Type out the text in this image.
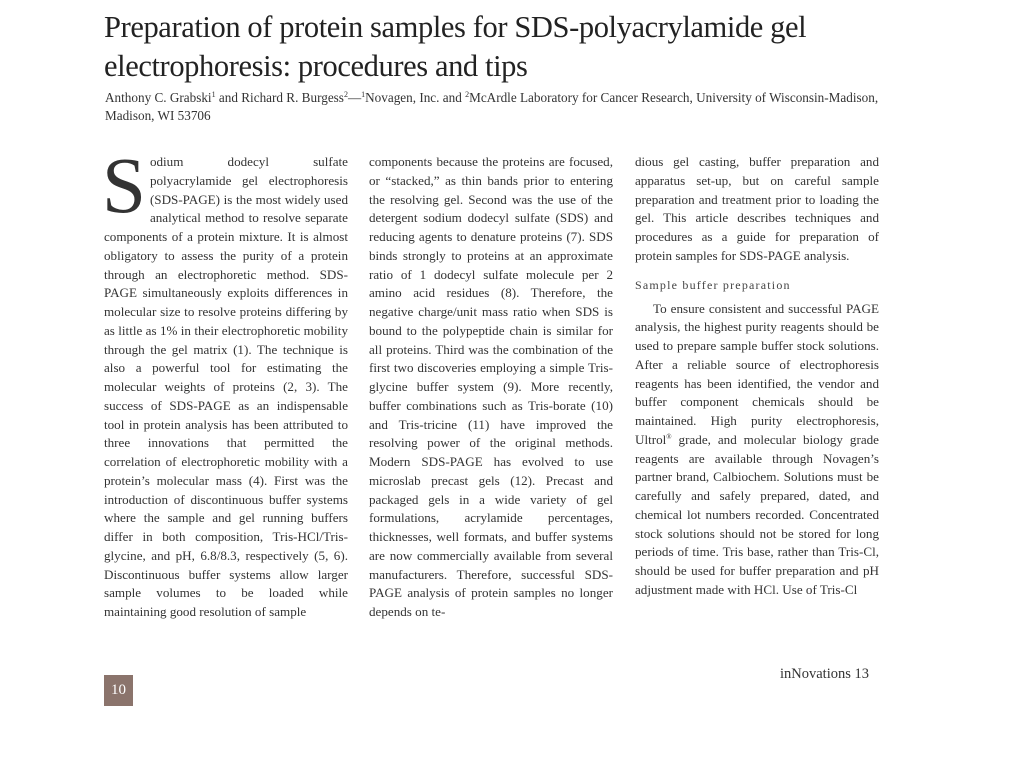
Preparation of protein samples for SDS-polyacrylamide gel electrophoresis: procedures and tips
Anthony C. Grabski$^1$ and Richard R. Burgess$^2$—$^1$Novagen, Inc. and $^2$McArdle Laboratory for Cancer Research, University of Wisconsin-Madison, Madison, WI 53706

Sodium dodecyl sulfate polyacrylamide gel electrophoresis (SDS-PAGE) is the most widely used analytical method to resolve separate components of a protein mixture. It is almost obligatory to assess the purity of a protein through an electrophoretic method. SDS-PAGE simultaneously exploits differences in molecular size to resolve proteins differing by as little as 1% in their electrophoretic mobility through the gel matrix (1). The technique is also a powerful tool for estimating the molecular weights of proteins (2, 3). The success of SDS-PAGE as an indispensable tool in protein analysis has been attributed to three innovations that permitted the correlation of electrophoretic mobility with a protein’s molecular mass (4). First was the introduction of discontinuous buffer systems where the sample and gel running buffers differ in both composition, Tris-HCl/Tris-glycine, and pH, 6.8/8.3, respectively (5, 6). Discontinuous buffer systems allow larger sample volumes to be loaded while maintaining good resolution of sample

components because the proteins are focused, or “stacked,” as thin bands prior to entering the resolving gel. Second was the use of the detergent sodium dodecyl sulfate (SDS) and reducing agents to denature proteins (7). SDS binds strongly to proteins at an approximate ratio of 1 dodecyl sulfate molecule per 2 amino acid residues (8). Therefore, the negative charge/unit mass ratio when SDS is bound to the polypeptide chain is similar for all proteins. Third was the combination of the first two discoveries employing a simple Tris-glycine buffer system (9). More recently, buffer combinations such as Tris-borate (10) and Tris-tricine (11) have improved the resolving power of the original methods. Modern SDS-PAGE has evolved to use microslab precast gels (12). Precast and packaged gels in a wide variety of gel formulations, acrylamide percentages, thicknesses, well formats, and buffer systems are now commercially available from several manufacturers. Therefore, successful SDS-PAGE analysis of protein samples no longer depends on te-

dious gel casting, buffer preparation and apparatus set-up, but on careful sample preparation and treatment prior to loading the gel. This article describes techniques and procedures as a guide for preparation of protein samples for SDS-PAGE analysis.

Sample buffer preparation

To ensure consistent and successful PAGE analysis, the highest purity reagents should be used to prepare sample buffer stock solutions. After a reliable source of electrophoresis reagents has been identified, the vendor and buffer component chemicals should be maintained. High purity electrophoresis, Ultrol® grade, and molecular biology grade reagents are available through Novagen’s partner brand, Calbiochem. Solutions must be carefully and safely prepared, dated, and chemical lot numbers recorded. Concentrated stock solutions should not be stored for long periods of time. Tris base, rather than Tris-Cl, should be used for buffer preparation and pH adjustment made with HCl. Use of Tris-Cl

inNovations 13
10
